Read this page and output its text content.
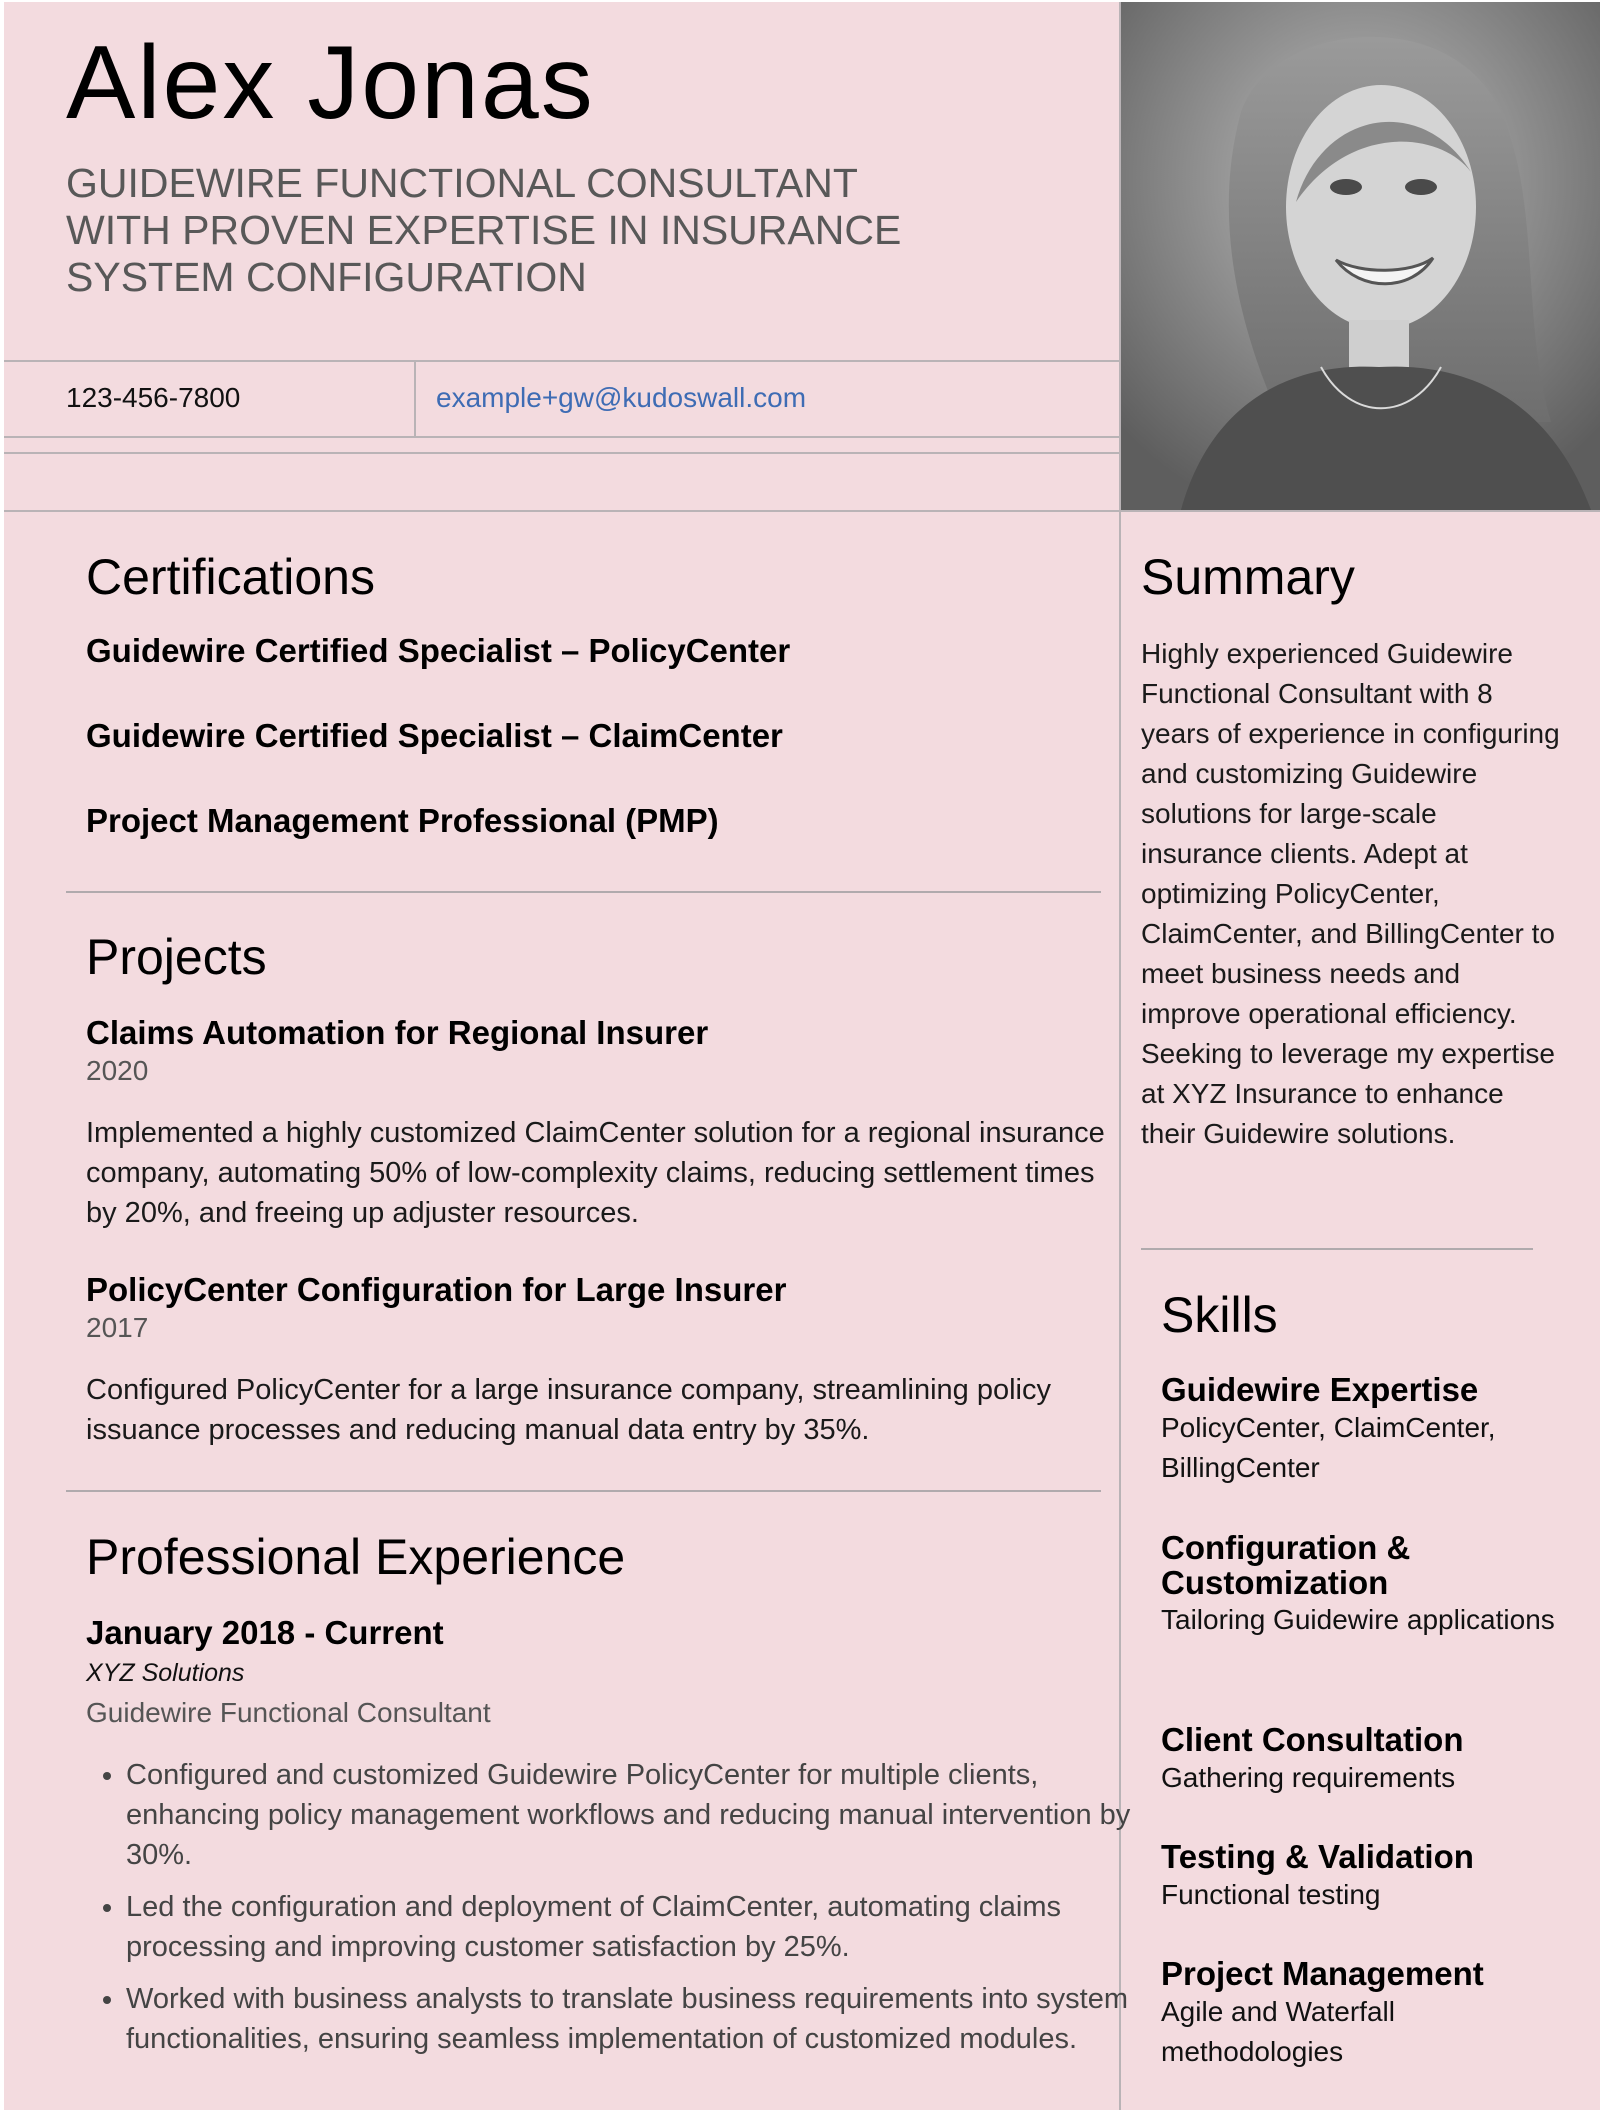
Alex Jonas

GUIDEWIRE FUNCTIONAL CONSULTANT WITH PROVEN EXPERTISE IN INSURANCE SYSTEM CONFIGURATION

123-456-7800	example+gw@kudoswall.com
Certifications
Guidewire Certified Specialist – PolicyCenter
Guidewire Certified Specialist – ClaimCenter
Project Management Professional (PMP)
Projects
Claims Automation for Regional Insurer
2020

Implemented a highly customized ClaimCenter solution for a regional insurance company, automating 50% of low-complexity claims, reducing settlement times by 20%, and freeing up adjuster resources.

PolicyCenter Configuration for Large Insurer
2017

Configured PolicyCenter for a large insurance company, streamlining policy issuance processes and reducing manual data entry by 35%.

Professional Experience
January 2018 - Current
XYZ Solutions
Guidewire Functional Consultant
• Configured and customized Guidewire PolicyCenter for multiple clients, enhancing policy management workflows and reducing manual intervention by 30%.
• Led the configuration and deployment of ClaimCenter, automating claims processing and improving customer satisfaction by 25%.
• Worked with business analysts to translate business requirements into system functionalities, ensuring seamless implementation of customized modules.
Summary

Highly experienced Guidewire Functional Consultant with 8 years of experience in configuring and customizing Guidewire solutions for large-scale insurance clients. Adept at optimizing PolicyCenter, ClaimCenter, and BillingCenter to meet business needs and improve operational efficiency. Seeking to leverage my expertise at XYZ Insurance to enhance their Guidewire solutions.

Skills
Guidewire Expertise
PolicyCenter, ClaimCenter, BillingCenter
Configuration & Customization
Tailoring Guidewire applications
Client Consultation
Gathering requirements
Testing & Validation
Functional testing
Project Management
Agile and Waterfall methodologies
